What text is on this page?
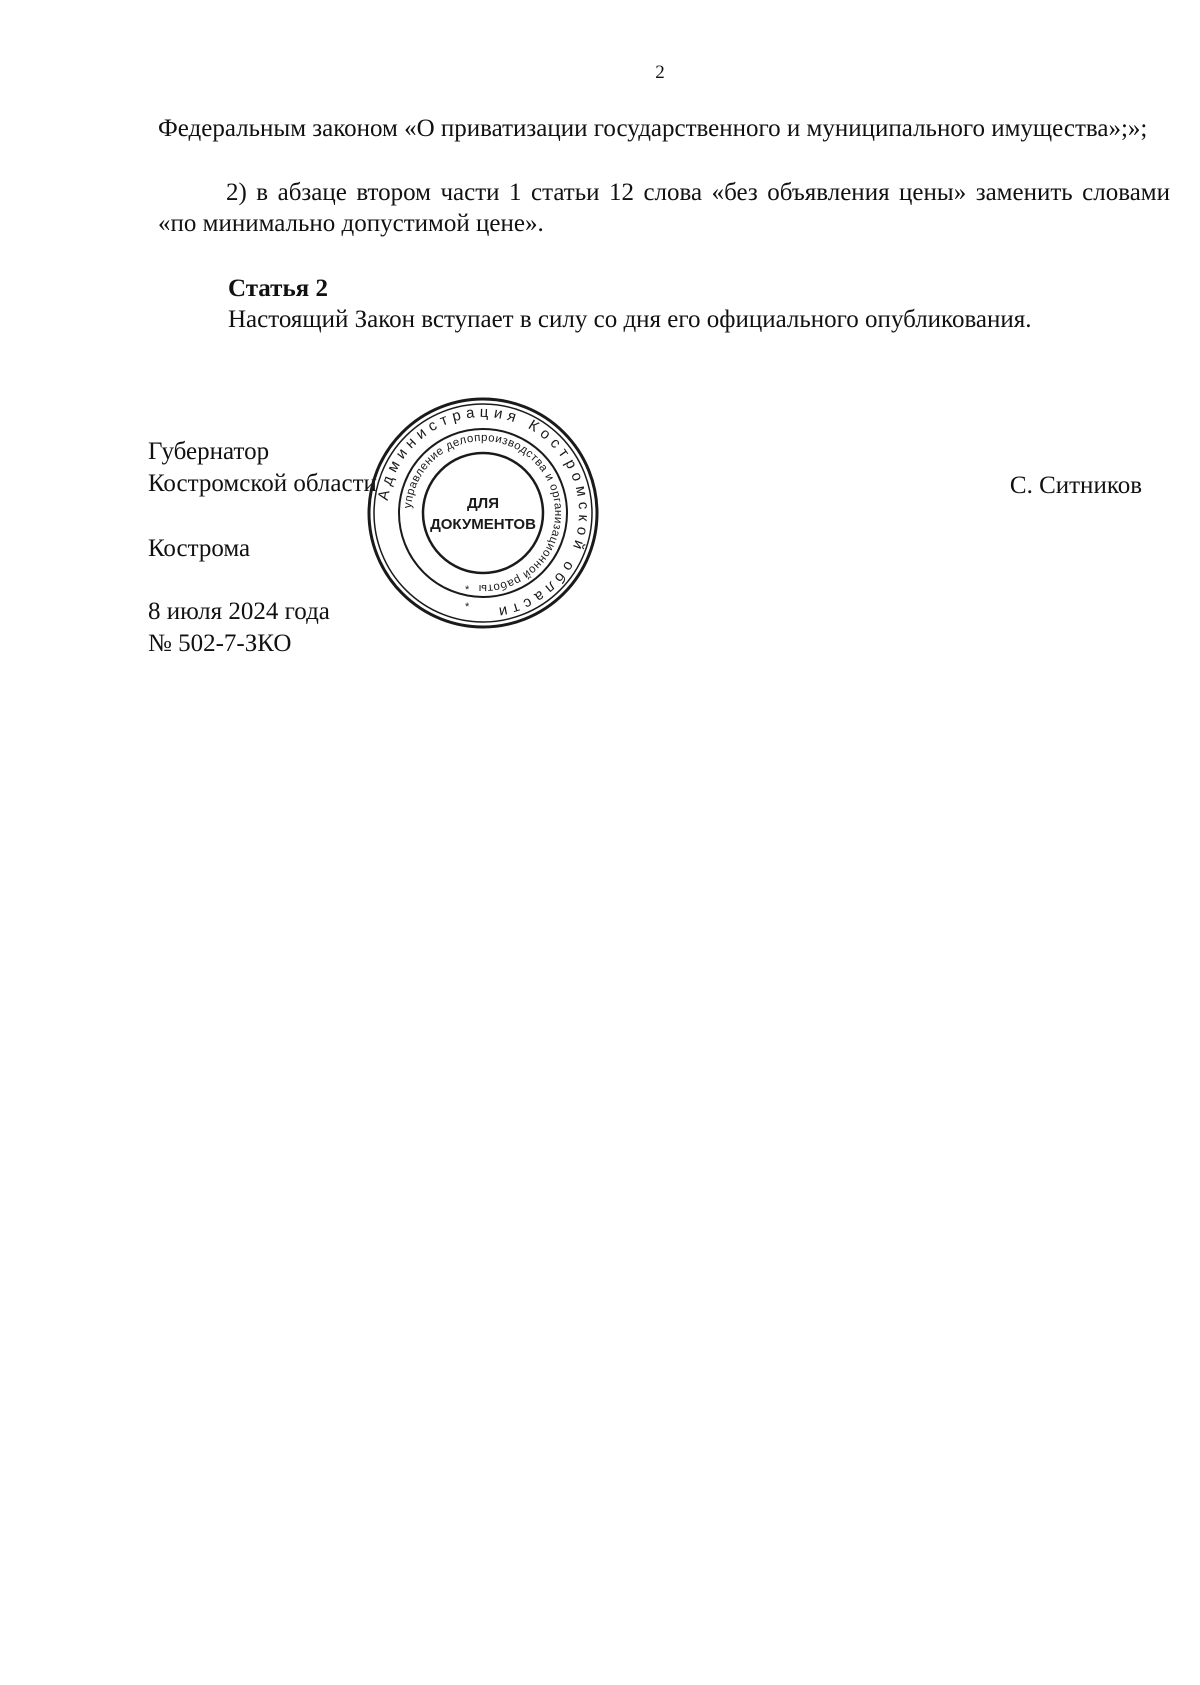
2
Федеральным законом «О приватизации государственного и муниципального имущества»;»;
2) в абзаце втором части 1 статьи 12 слова «без объявления цены» заменить словами «по минимально допустимой цене».
Статья 2
Настоящий Закон вступает в силу со дня его официального опубликования.
Губернатор
Костромской области	С. Ситников
Кострома
8 июля 2024 года
№ 502-7-ЗКО
Администрация Костромской области
управление делопроизводства и организационной работы
ДЛЯ
ДОКУМЕНТОВ
*
*
